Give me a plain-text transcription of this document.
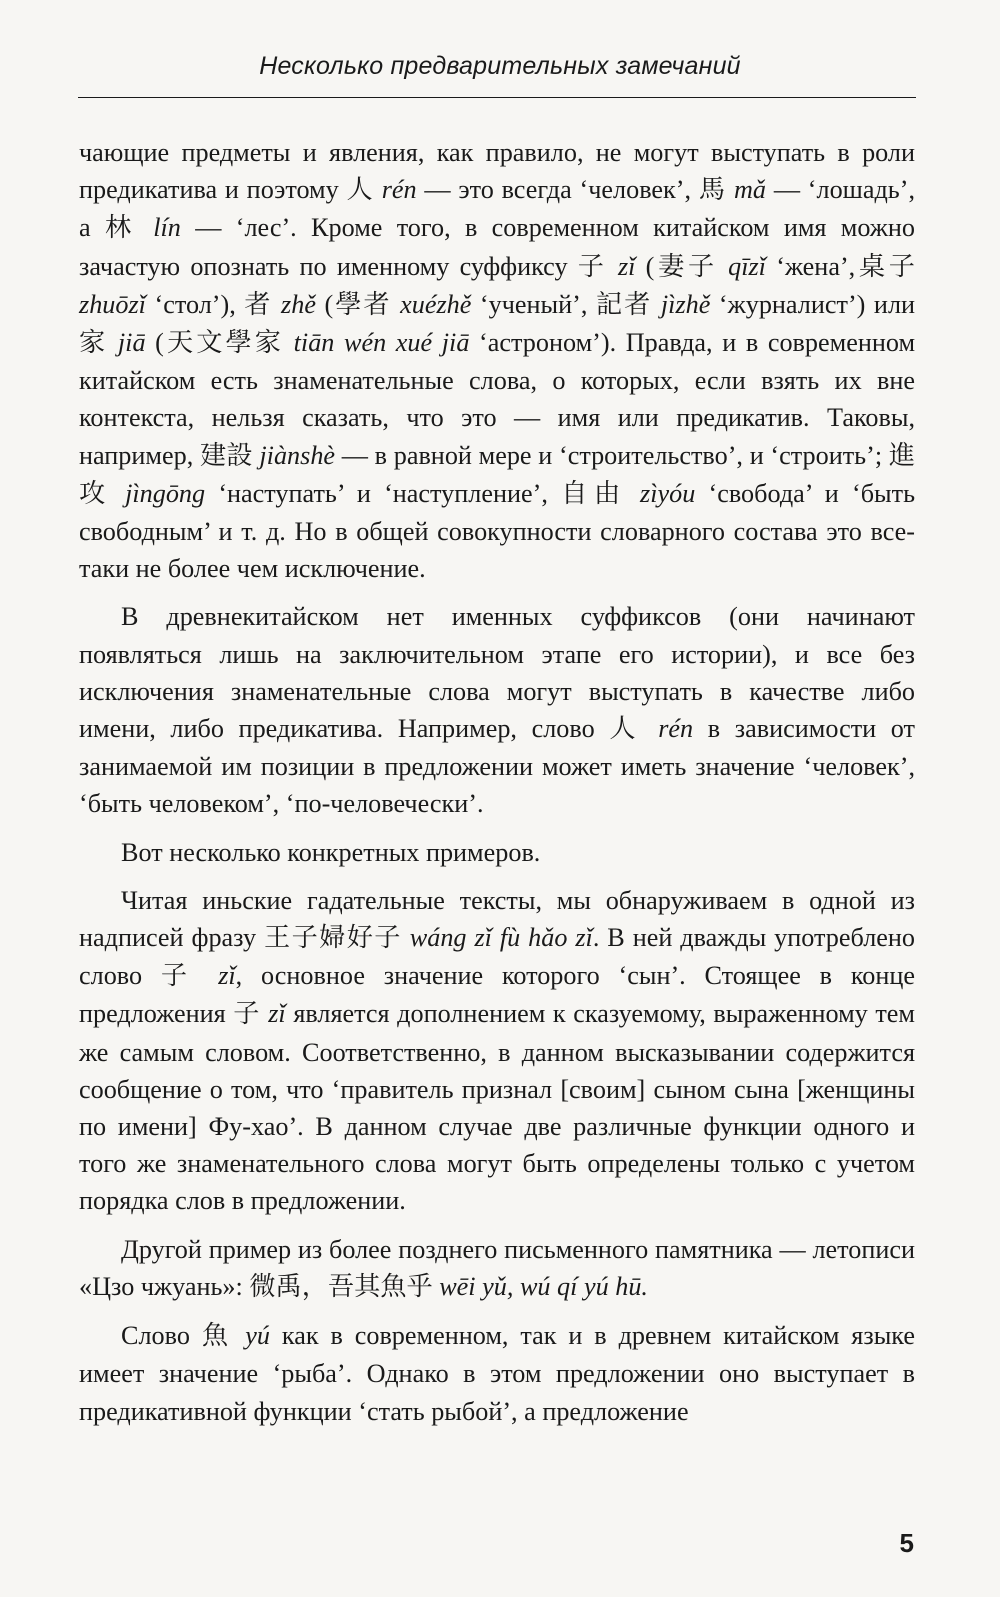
Несколько предварительных замечаний

чающие предметы и явления, как правило, не могут выступать в роли предикатива и поэтому 人 rén — это всегда ‘человек’, 馬 mǎ — ‘лошадь’, а 林 lín — ‘лес’. Кроме того, в современном китайском имя можно зачастую опознать по именному суффиксу 子 zǐ (妻子 qīzǐ ‘жена’,桌子 zhuōzǐ ‘стол’), 者 zhě (學者 xuézhě ‘ученый’, 記者 jìzhě ‘журналист’) или 家 jiā (天文學家 tiān wén xué jiā ‘астроном’). Правда, и в современном китайском есть знаменательные слова, о которых, если взять их вне контекста, нельзя сказать, что это — имя или предикатив. Таковы, например, 建設 jiànshè — в равной мере и ‘строительство’, и ‘строить’; 進攻 jìngōng ‘наступать’ и ‘наступление’, 自由 zìyóu ‘свобода’ и ‘быть свободным’ и т. д. Но в общей совокупности словарного состава это все-таки не более чем исключение.

В древнекитайском нет именных суффиксов (они начинают появляться лишь на заключительном этапе его истории), и все без исключения знаменательные слова могут выступать в качестве либо имени, либо предикатива. Например, слово 人 rén в зависимости от занимаемой им позиции в предложении может иметь значение ‘человек’, ‘быть человеком’, ‘по-человечески’.

Вот несколько конкретных примеров.

Читая иньские гадательные тексты, мы обнаруживаем в одной из надписей фразу 王子婦好子 wáng zǐ fù hǎo zǐ. В ней дважды употреблено слово 子 zǐ, основное значение которого ‘сын’. Стоящее в конце предложения 子 zǐ является дополнением к сказуемому, выраженному тем же самым словом. Соответственно, в данном высказывании содержится сообщение о том, что ‘правитель признал [своим] сыном сына [женщины по имени] Фу-хао’. В данном случае две различные функции одного и того же знаменательного слова могут быть определены только с учетом порядка слов в предложении.

Другой пример из более позднего письменного памятника — летописи «Цзо чжуань»: 微禹，吾其魚乎 wēi yǔ, wú qí yú hū.

Слово 魚 yú как в современном, так и в древнем китайском языке имеет значение ‘рыба’. Однако в этом предложении оно выступает в предикативной функции ‘стать рыбой’, а предложение

5
